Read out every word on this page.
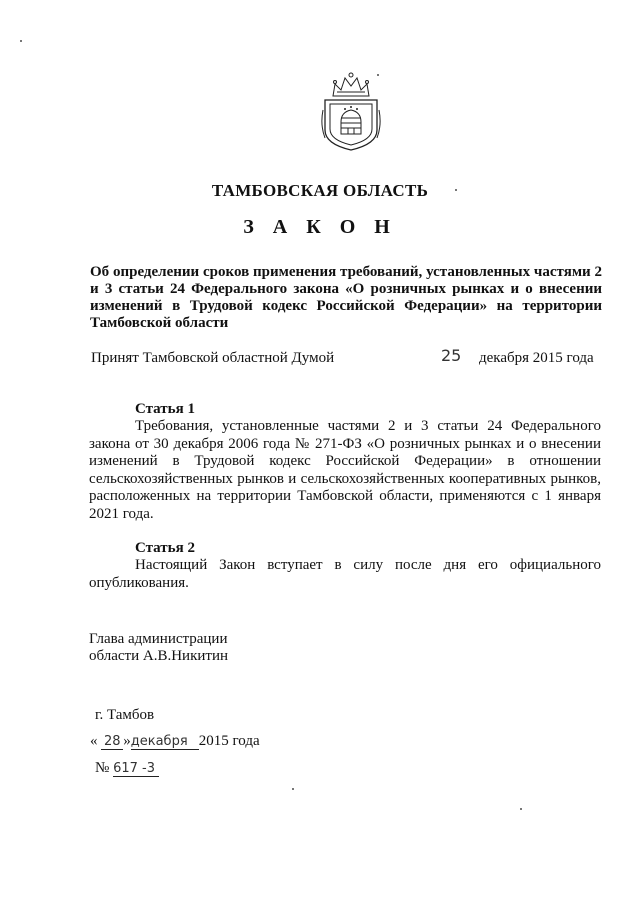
ТАМБОВСКАЯ ОБЛАСТЬ
З А К О Н
Об определении сроков применения требований, установленных частями 2 и 3 статьи 24 Федерального закона «О розничных рынках и о внесении изменений в Трудовой кодекс Российской Федерации» на территории Тамбовской области
Принят Тамбовской областной Думой	25 декабря 2015 года
Статья 1
Требования, установленные частями 2 и 3 статьи 24 Федерального закона от 30 декабря 2006 года № 271-ФЗ «О розничных рынках и о внесении изменений в Трудовой кодекс Российской Федерации» в отношении сельскохозяйственных рынков и сельскохозяйственных кооперативных рынков, расположенных на территории Тамбовской области, применяются с 1 января 2021 года.
Статья 2
Настоящий Закон вступает в силу после дня его официального опубликования.
Глава администрации
области А.В.Никитин
г. Тамбов
« 28 »декабря 2015 года
№ 617 -3
